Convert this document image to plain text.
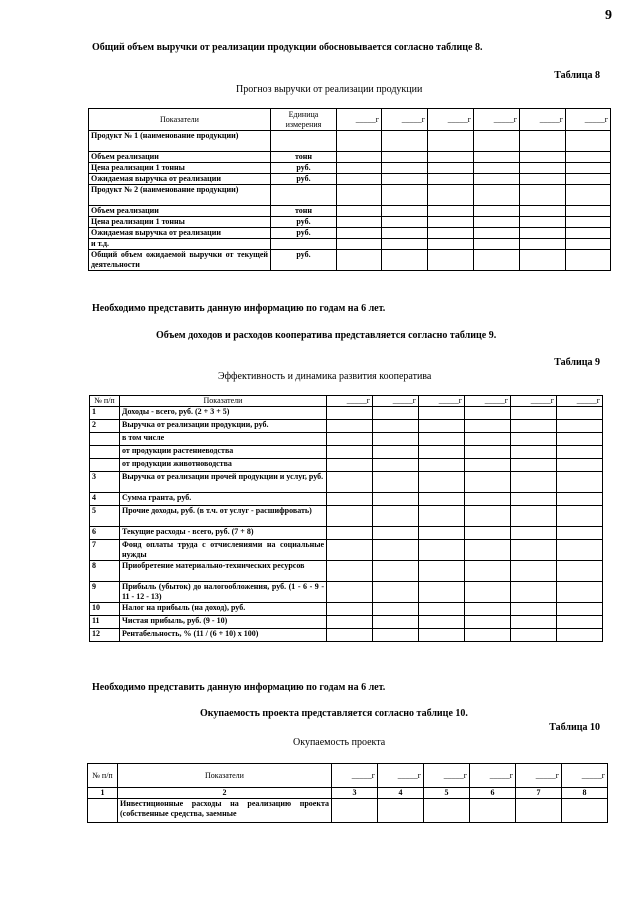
9
Общий объем выручки от реализации продукции обосновывается согласно таблице 8.
Таблица 8
Прогноз выручки от реализации продукции
Показатели	Единица измерения	_____г	_____г	_____г	_____г	_____г	_____г
Продукт № 1 (наименование продукции)							
Объем реализации	тонн						
Цена реализации 1 тонны	руб.						
Ожидаемая выручка от реализации	руб.						
Продукт № 2 (наименование продукции)							
Объем реализации	тонн						
Цена реализации 1 тонны	руб.						
Ожидаемая выручка от реализации	руб.						
и т.д.							
Общий объем ожидаемой выручки от текущей деятельности	руб.						
Необходимо представить данную информацию по годам на 6 лет.
Объем доходов и расходов кооператива представляется согласно таблице 9.
Таблица 9
Эффективность и динамика развития кооператива
№ п/п	Показатели	_____г	_____г	_____г	_____г	_____г	_____г
1	Доходы - всего, руб. (2 + 3 + 5)						
2	Выручка от реализации продукции, руб.						
	в том числе						
	от продукции растениеводства						
	от продукции животноводства						
3	Выручка от реализации прочей продукции и услуг, руб.						
4	Сумма гранта, руб.						
5	Прочие доходы, руб. (в т.ч. от услуг - расшифровать)						
6	Текущие расходы - всего, руб. (7 + 8)						
7	Фонд оплаты труда с отчислениями на социальные нужды						
8	Приобретение материально-технических ресурсов						
9	Прибыль (убыток) до налогообложения, руб. (1 - 6 - 9 - 11 - 12 - 13)						
10	Налог на прибыль (на доход), руб.						
11	Чистая прибыль, руб. (9 - 10)						
12	Рентабельность, % (11 / (6 + 10) x 100)						
Необходимо представить данную информацию по годам на 6 лет.
Окупаемость проекта представляется согласно таблице 10.
Таблица 10
Окупаемость проекта
№ п/п	Показатели	_____г	_____г	_____г	_____г	_____г	_____г
1	2	3	4	5	6	7	8
	Инвестиционные расходы на реализацию проекта (собственные средства, заемные						
